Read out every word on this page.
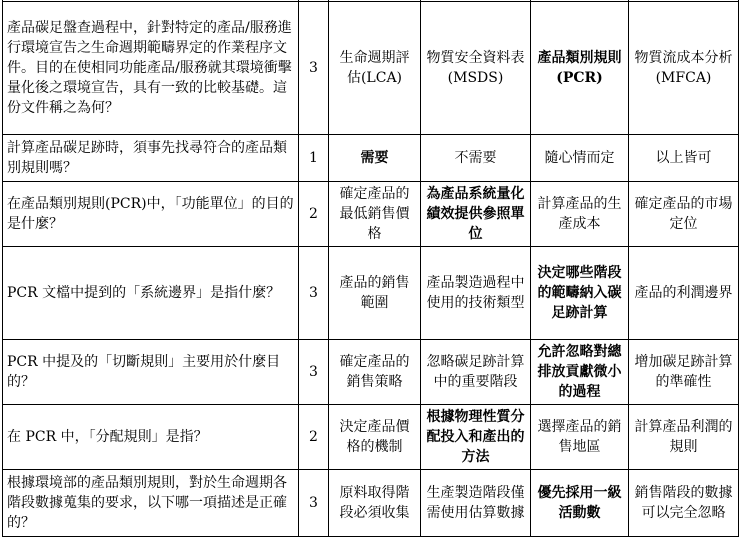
產品碳足盤查過程中，針對特定的產品/服務進行環境宣告之生命週期範疇界定的作業程序文件。目的在使相同功能產品/服務就其環境衝擊量化後之環境宣告，具有一致的比較基礎。這份文件稱之為何？	3	生命週期評估(LCA)	物質安全資料表(MSDS)	產品類別規則(PCR)	物質流成本分析(MFCA)
計算產品碳足跡時，須事先找尋符合的產品類別規則嗎？	1	需要	不需要	隨心情而定	以上皆可
在產品類別規則(PCR)中，「功能單位」的目的是什麼？	2	確定產品的最低銷售價格	為產品系統量化績效提供參照單位	計算產品的生產成本	確定產品的市場定位
PCR 文檔中提到的「系統邊界」是指什麼？	3	產品的銷售範圍	產品製造過程中使用的技術類型	決定哪些階段的範疇納入碳足跡計算	產品的利潤邊界
PCR 中提及的「切斷規則」主要用於什麼目的？	3	確定產品的銷售策略	忽略碳足跡計算中的重要階段	允許忽略對總排放貢獻微小的過程	增加碳足跡計算的準確性
在 PCR 中，「分配規則」是指？	2	決定產品價格的機制	根據物理性質分配投入和產出的方法	選擇產品的銷售地區	計算產品利潤的規則
根據環境部的產品類別規則，對於生命週期各階段數據蒐集的要求，以下哪一項描述是正確的？	3	原料取得階段必須收集	生產製造階段僅需使用估算數據	優先採用一級活動數	銷售階段的數據可以完全忽略
